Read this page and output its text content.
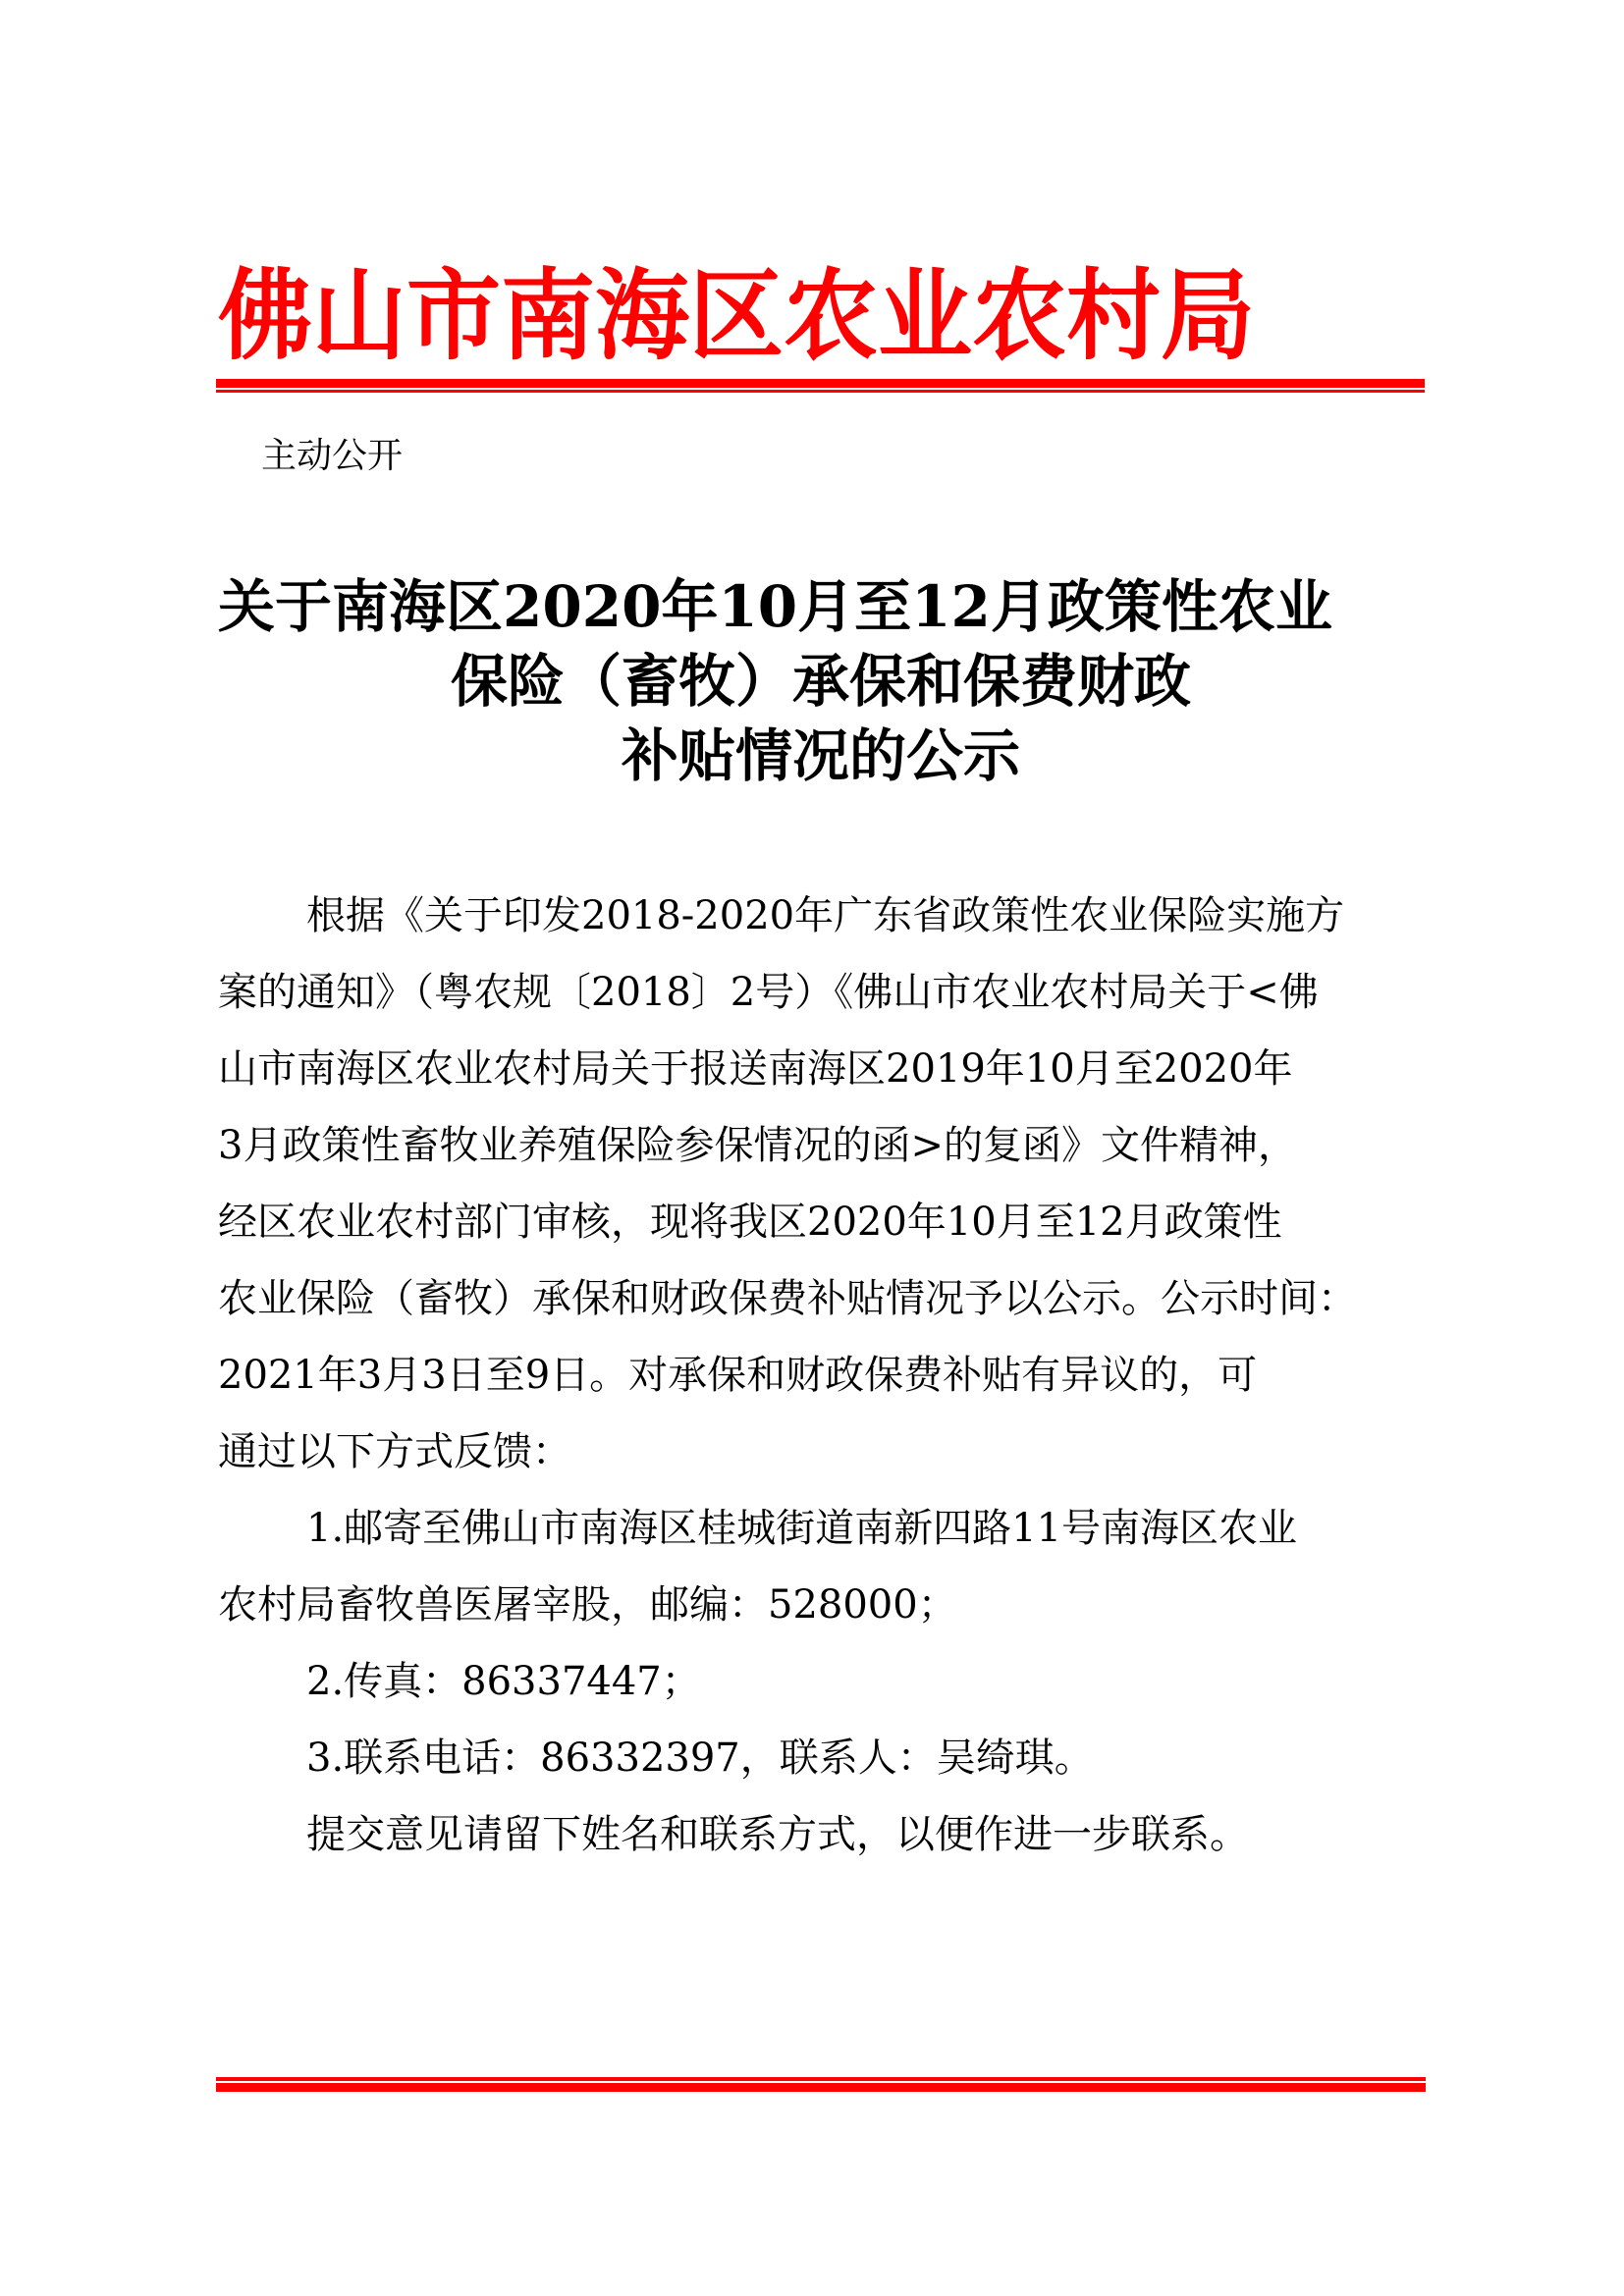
佛山市南海区农业农村局
主动公开
关于南海区2020年10月至12月政策性农业
保险（畜牧）承保和保费财政
补贴情况的公示
根据《关于印发2018-2020年广东省政策性农业保险实施方
案的通知》（粤农规〔2018〕2号）《佛山市农业农村局关于<佛
山市南海区农业农村局关于报送南海区2019年10月至2020年
3月政策性畜牧业养殖保险参保情况的函>的复函》文件精神，
经区农业农村部门审核，现将我区2020年10月至12月政策性
农业保险（畜牧）承保和财政保费补贴情况予以公示。公示时间：
2021年3月3日至9日。对承保和财政保费补贴有异议的，可
通过以下方式反馈：
1.邮寄至佛山市南海区桂城街道南新四路11号南海区农业
农村局畜牧兽医屠宰股，邮编：528000；
2.传真：86337447；
3.联系电话：86332397，联系人：吴绮琪。
提交意见请留下姓名和联系方式，以便作进一步联系。
